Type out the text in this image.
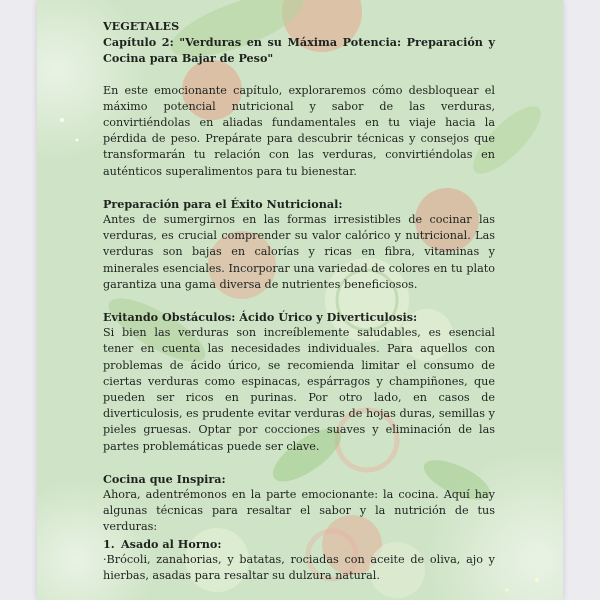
VEGETALES

Capítulo 2: "Verduras en su Máxima Potencia: Preparación y Cocina para Bajar de Peso"

En este emocionante capítulo, exploraremos cómo desbloquear el máximo potencial nutricional y sabor de las verduras, convirtiéndolas en aliadas fundamentales en tu viaje hacia la pérdida de peso. Prepárate para descubrir técnicas y consejos que transformarán tu relación con las verduras, convirtiéndolas en auténticos superalimentos para tu bienestar.

Preparación para el Éxito Nutricional:

Antes de sumergirnos en las formas irresistibles de cocinar las verduras, es crucial comprender su valor calórico y nutricional. Las verduras son bajas en calorías y ricas en fibra, vitaminas y minerales esenciales. Incorporar una variedad de colores en tu plato garantiza una gama diversa de nutrientes beneficiosos.

Evitando Obstáculos: Ácido Úrico y Diverticulosis:

Si bien las verduras son increíblemente saludables, es esencial tener en cuenta las necesidades individuales. Para aquellos con problemas de ácido úrico, se recomienda limitar el consumo de ciertas verduras como espinacas, espárragos y champiñones, que pueden ser ricos en purinas. Por otro lado, en casos de diverticulosis, es prudente evitar verduras de hojas duras, semillas y pieles gruesas. Optar por cocciones suaves y eliminación de las partes problemáticas puede ser clave.

Cocina que Inspira:

Ahora, adentrémonos en la parte emocionante: la cocina. Aquí hay algunas técnicas para resaltar el sabor y la nutrición de tus verduras:

1. Asado al Horno:

·Brócoli, zanahorias, y batatas, rociadas con aceite de oliva, ajo y hierbas, asadas para resaltar su dulzura natural.
